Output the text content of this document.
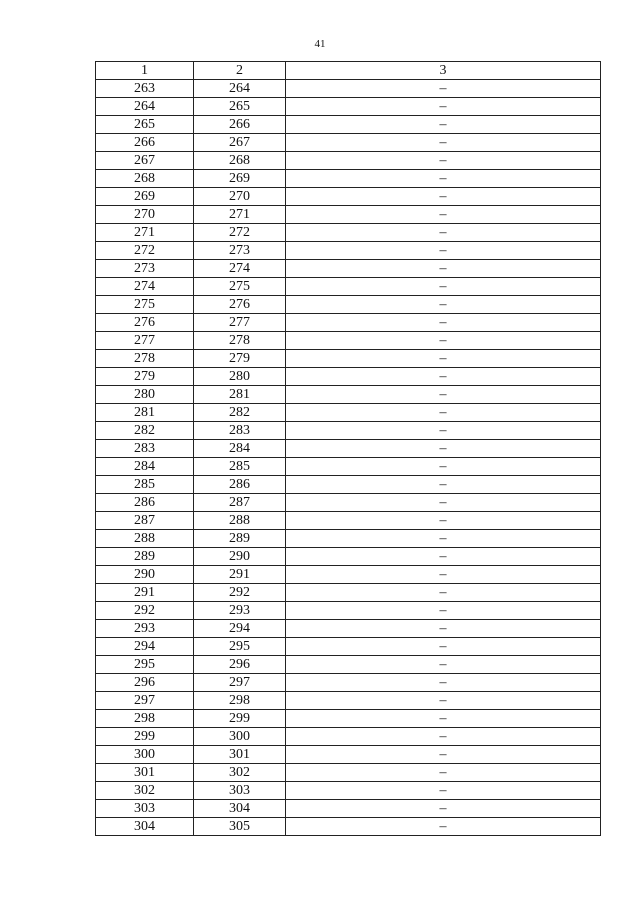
41
1	2	3
263	264	–
264	265	–
265	266	–
266	267	–
267	268	–
268	269	–
269	270	–
270	271	–
271	272	–
272	273	–
273	274	–
274	275	–
275	276	–
276	277	–
277	278	–
278	279	–
279	280	–
280	281	–
281	282	–
282	283	–
283	284	–
284	285	–
285	286	–
286	287	–
287	288	–
288	289	–
289	290	–
290	291	–
291	292	–
292	293	–
293	294	–
294	295	–
295	296	–
296	297	–
297	298	–
298	299	–
299	300	–
300	301	–
301	302	–
302	303	–
303	304	–
304	305	–
